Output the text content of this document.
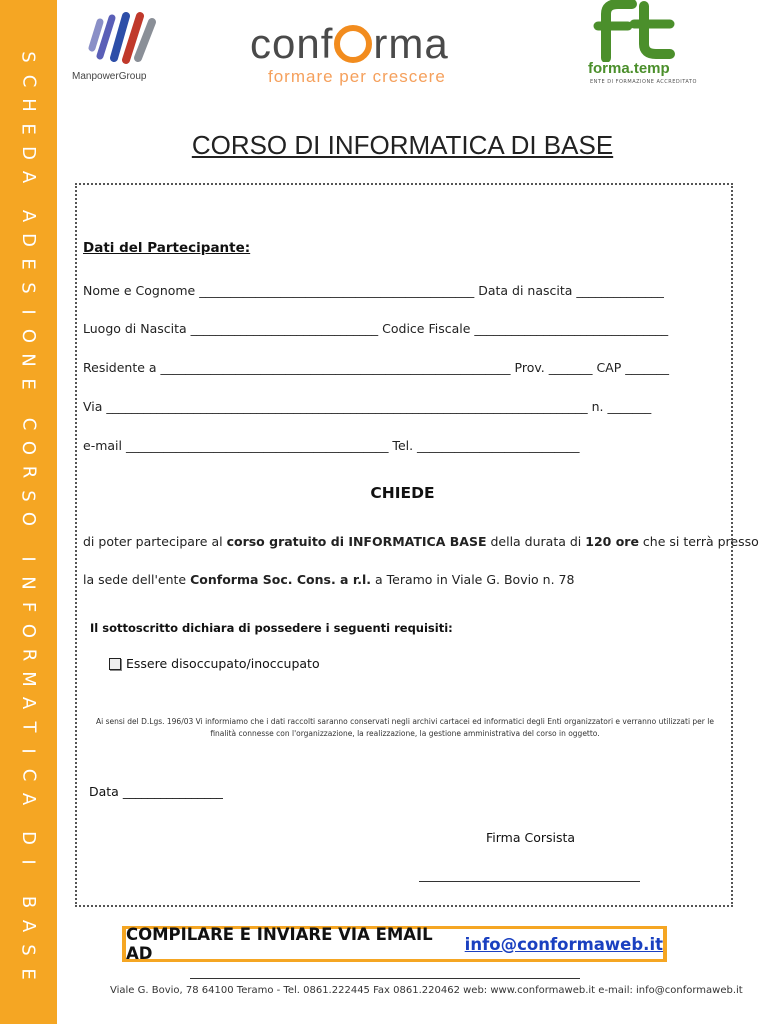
S
C
H
E
D
A
A
D
E
S
I
O
N
E
C
O
R
S
O
I
N
F
O
R
M
A
T
I
C
A
D
I
B
A
S
E
ManpowerGroup
conf rma
formare per crescere	forma.temp
ENTE DI FORMAZIONE ACCREDITATO
CORSO DI INFORMATICA DI BASE
Dati del Partecipante:
Nome e Cognome ____________________________________________ Data di nascita ______________
Luogo di Nascita ______________________________ Codice Fiscale _______________________________
Residente a ________________________________________________________ Prov. _______ CAP _______
Via _____________________________________________________________________________ n. _______
e-mail __________________________________________ Tel. __________________________
CHIEDE
di poter partecipare al corso gratuito di INFORMATICA BASE della durata di 120 ore che si terrà presso
la sede dell'ente Conforma Soc. Cons. a r.l. a Teramo in Viale G. Bovio n. 78
Il sottoscritto dichiara di possedere i seguenti requisiti:
Essere disoccupato/inoccupato
Ai sensi del D.Lgs. 196/03 Vi informiamo che i dati raccolti saranno conservati negli archivi cartacei ed informatici degli Enti organizzatori e verranno utilizzati per le finalità connesse con l'organizzazione, la realizzazione, la gestione amministrativa del corso in oggetto.
Data ________________
Firma Corsista
COMPILARE E INVIARE VIA EMAIL AD	info@conformaweb.it
Viale G. Bovio, 78 64100 Teramo - Tel. 0861.222445 Fax 0861.220462 web: www.conformaweb.it e-mail: info@conformaweb.it
